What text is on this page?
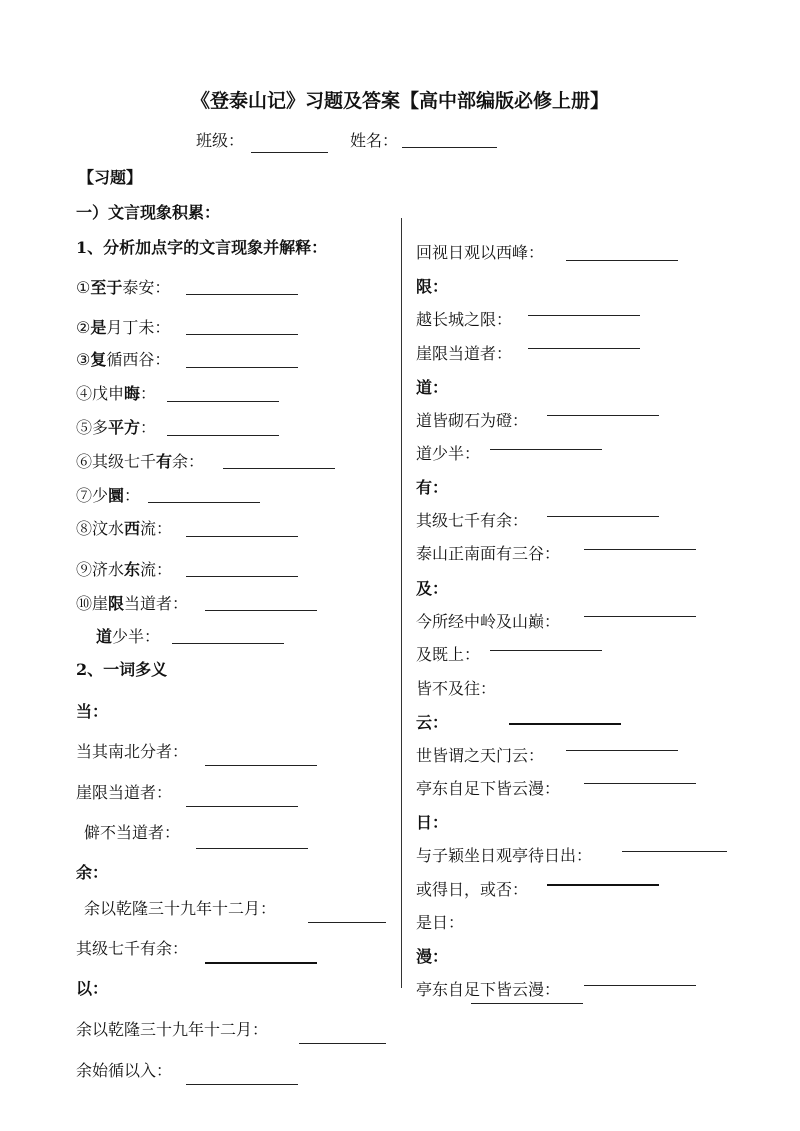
《登泰山记》习题及答案【高中部编版必修上册】
班级：	姓名：
【习题】
一）文言现象积累：
1、分析加点字的文言现象并解释：
①至于泰安：
②是月丁未：
③复循西谷：
④戊申晦：
⑤多平方：
⑥其级七千有余：
⑦少圜：
⑧汶水西流：
⑨济水东流：
⑩崖限当道者：
道少半：
2、一词多义
当：
当其南北分者：
崖限当道者：
僻不当道者：
余：
余以乾隆三十九年十二月：
其级七千有余：
以：
余以乾隆三十九年十二月：
余始循以入：
回视日观以西峰：
限：
越长城之限：
崖限当道者：
道：
道皆砌石为磴：
道少半：
有：
其级七千有余：
泰山正南面有三谷：
及：
今所经中岭及山巅：
及既上：
皆不及往：
云：
世皆谓之天门云：
亭东自足下皆云漫：
日：
与子颖坐日观亭待日出：
或得日，或否：
是日：
漫：
亭东自足下皆云漫：
